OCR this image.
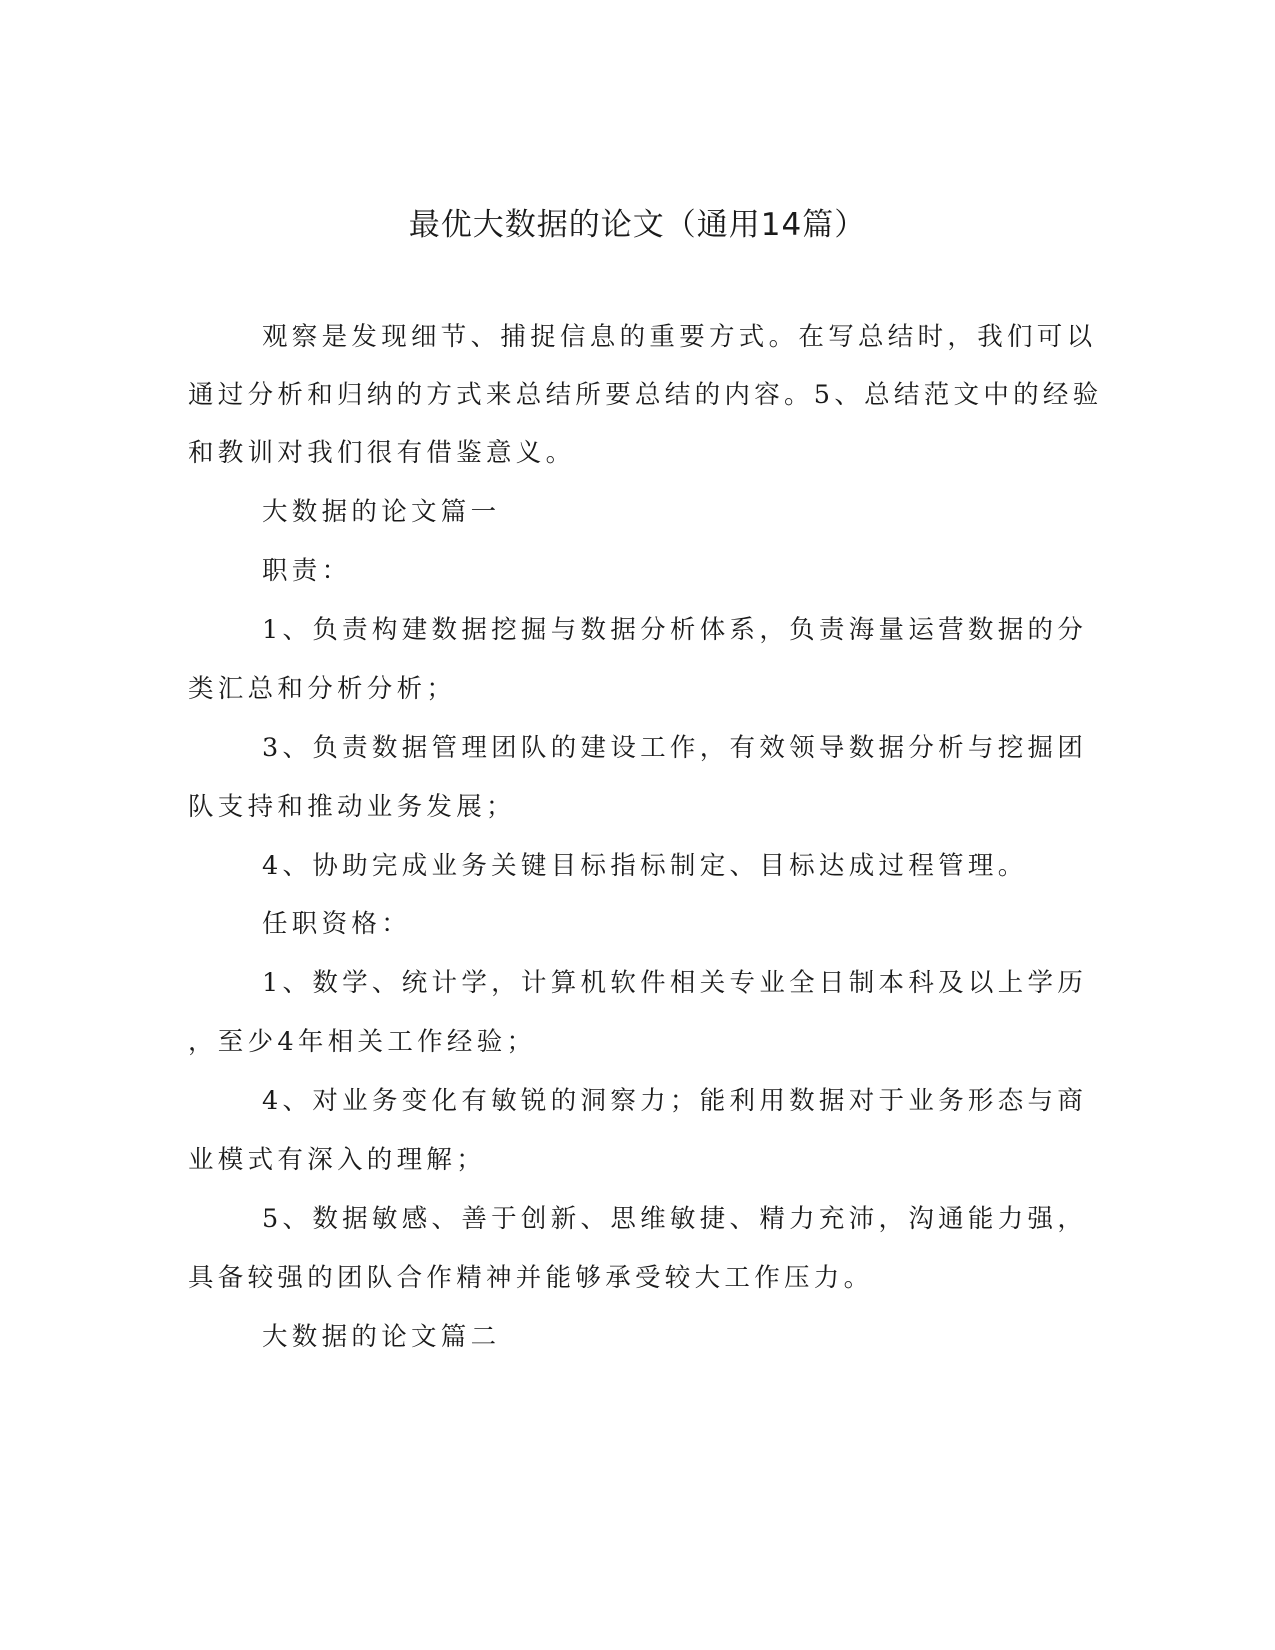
最优大数据的论文（通用14篇）

观察是发现细节、捕捉信息的重要方式。在写总结时，我们可以

通过分析和归纳的方式来总结所要总结的内容。5、总结范文中的经验

和教训对我们很有借鉴意义。

大数据的论文篇一

职责：

1、负责构建数据挖掘与数据分析体系，负责海量运营数据的分

类汇总和分析分析；

3、负责数据管理团队的建设工作，有效领导数据分析与挖掘团

队支持和推动业务发展；

4、协助完成业务关键目标指标制定、目标达成过程管理。

任职资格：

1、数学、统计学，计算机软件相关专业全日制本科及以上学历

，至少4年相关工作经验；

4、对业务变化有敏锐的洞察力；能利用数据对于业务形态与商

业模式有深入的理解；

5、数据敏感、善于创新、思维敏捷、精力充沛，沟通能力强，

具备较强的团队合作精神并能够承受较大工作压力。

大数据的论文篇二
